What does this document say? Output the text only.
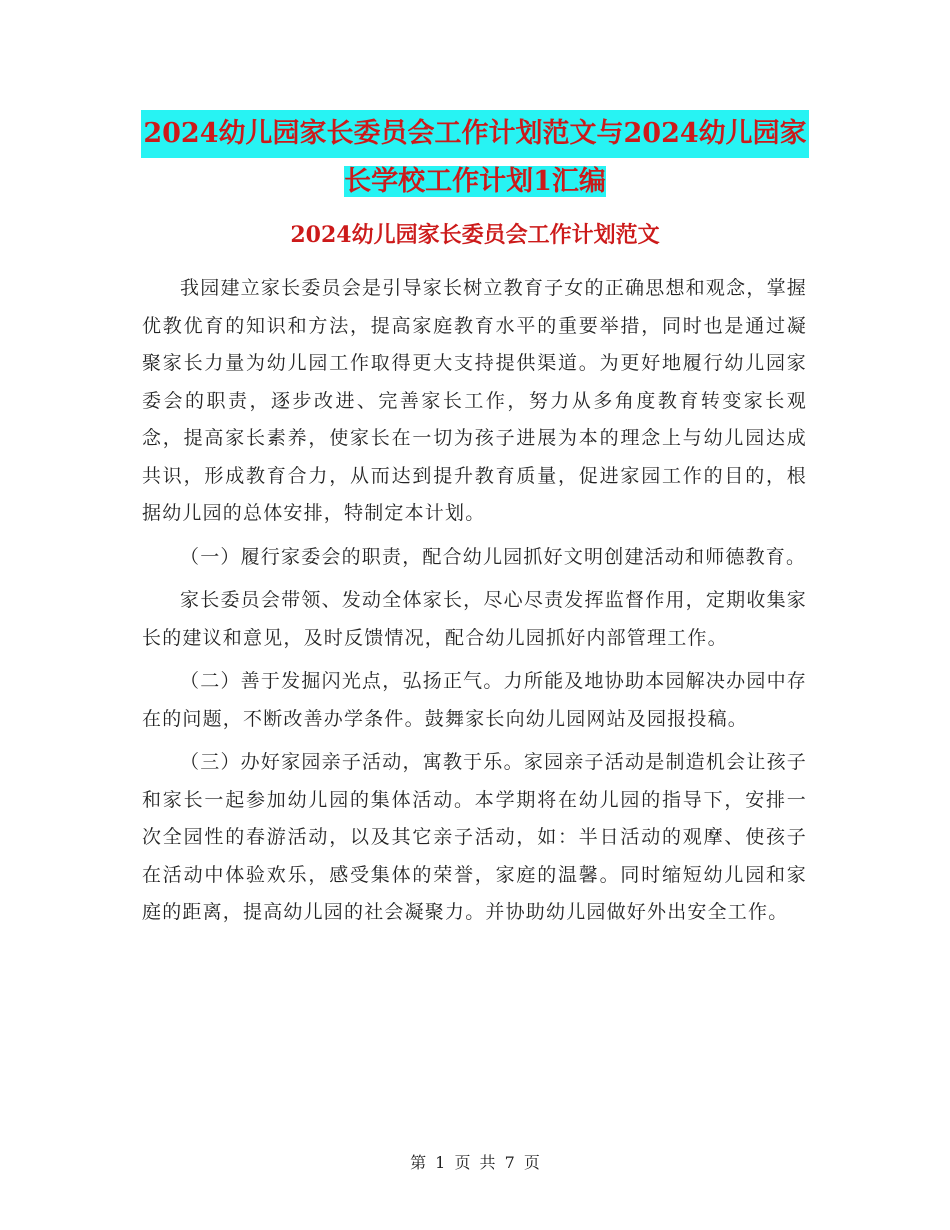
2024幼儿园家长委员会工作计划范文与2024幼儿园家
长学校工作计划1汇编
2024幼儿园家长委员会工作计划范文

我园建立家长委员会是引导家长树立教育子女的正确思想和观念，掌握优教优育的知识和方法，提高家庭教育水平的重要举措，同时也是通过凝聚家长力量为幼儿园工作取得更大支持提供渠道。为更好地履行幼儿园家委会的职责，逐步改进、完善家长工作，努力从多角度教育转变家长观念，提高家长素养，使家长在一切为孩子进展为本的理念上与幼儿园达成共识，形成教育合力，从而达到提升教育质量，促进家园工作的目的，根据幼儿园的总体安排，特制定本计划。

（一）履行家委会的职责，配合幼儿园抓好文明创建活动和师德教育。

家长委员会带领、发动全体家长，尽心尽责发挥监督作用，定期收集家长的建议和意见，及时反馈情况，配合幼儿园抓好内部管理工作。

（二）善于发掘闪光点，弘扬正气。力所能及地协助本园解决办园中存在的问题，不断改善办学条件。鼓舞家长向幼儿园网站及园报投稿。

（三）办好家园亲子活动，寓教于乐。家园亲子活动是制造机会让孩子和家长一起参加幼儿园的集体活动。本学期将在幼儿园的指导下，安排一次全园性的春游活动，以及其它亲子活动，如：半日活动的观摩、使孩子在活动中体验欢乐，感受集体的荣誉，家庭的温馨。同时缩短幼儿园和家庭的距离，提高幼儿园的社会凝聚力。并协助幼儿园做好外出安全工作。

第 1 页 共 7 页
